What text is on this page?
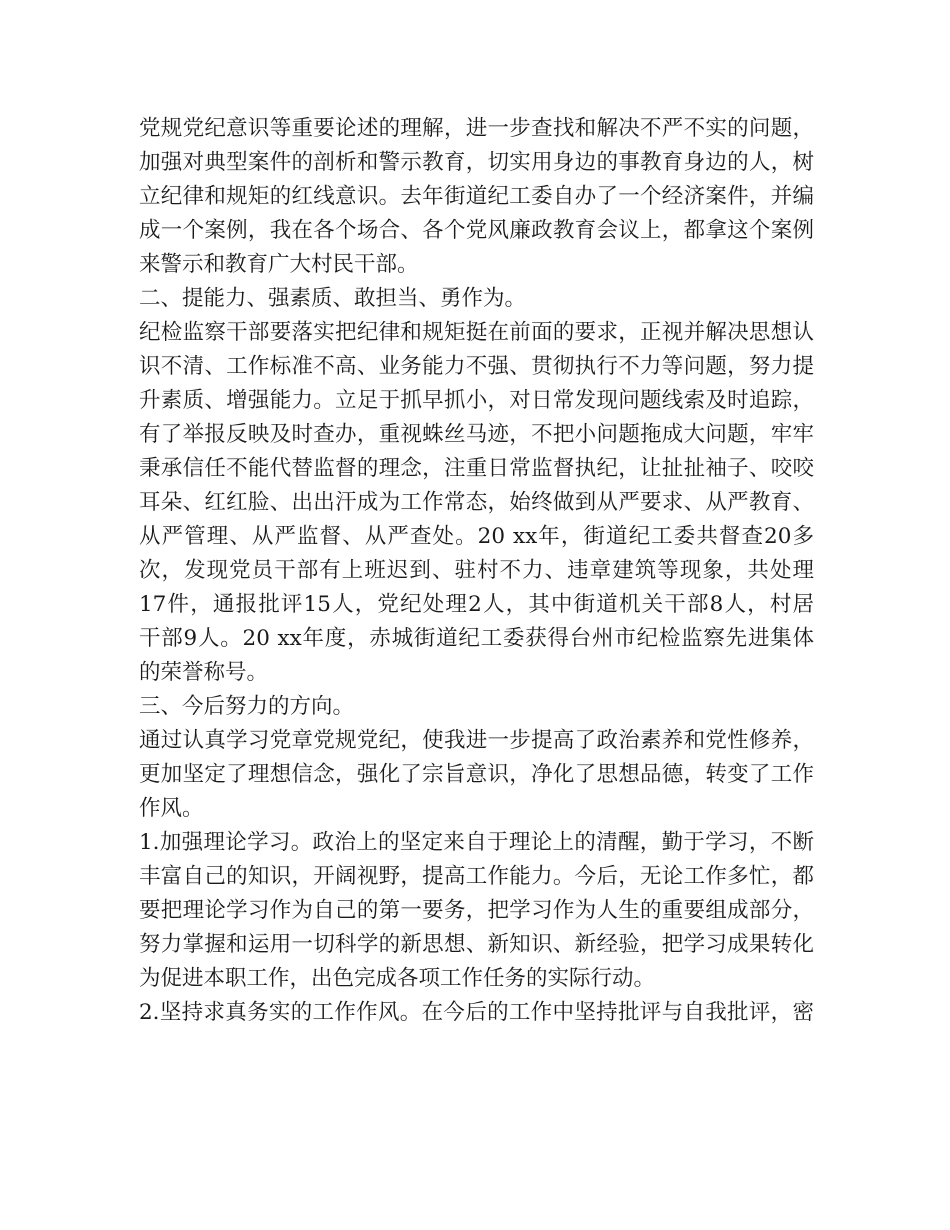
党规党纪意识等重要论述的理解，进一步查找和解决不严不实的问题，
加强对典型案件的剖析和警示教育，切实用身边的事教育身边的人，树
立纪律和规矩的红线意识。去年街道纪工委自办了一个经济案件，并编
成一个案例，我在各个场合、各个党风廉政教育会议上，都拿这个案例
来警示和教育广大村民干部。

二、提能力、强素质、敢担当、勇作为。

纪检监察干部要落实把纪律和规矩挺在前面的要求，正视并解决思想认
识不清、工作标准不高、业务能力不强、贯彻执行不力等问题，努力提
升素质、增强能力。立足于抓早抓小，对日常发现问题线索及时追踪，
有了举报反映及时查办，重视蛛丝马迹，不把小问题拖成大问题，牢牢
秉承信任不能代替监督的理念，注重日常监督执纪，让扯扯袖子、咬咬
耳朵、红红脸、出出汗成为工作常态，始终做到从严要求、从严教育、
从严管理、从严监督、从严查处。20 xx年，街道纪工委共督查20多
次，发现党员干部有上班迟到、驻村不力、违章建筑等现象，共处理
17件，通报批评15人，党纪处理2人，其中街道机关干部8人，村居
干部9人。20 xx年度，赤城街道纪工委获得台州市纪检监察先进集体
的荣誉称号。

三、今后努力的方向。

通过认真学习党章党规党纪，使我进一步提高了政治素养和党性修养，
更加坚定了理想信念，强化了宗旨意识，净化了思想品德，转变了工作
作风。

1.加强理论学习。政治上的坚定来自于理论上的清醒，勤于学习，不断
丰富自己的知识，开阔视野，提高工作能力。今后，无论工作多忙，都
要把理论学习作为自己的第一要务，把学习作为人生的重要组成部分，
努力掌握和运用一切科学的新思想、新知识、新经验，把学习成果转化
为促进本职工作，出色完成各项工作任务的实际行动。

2.坚持求真务实的工作作风。在今后的工作中坚持批评与自我批评，密
